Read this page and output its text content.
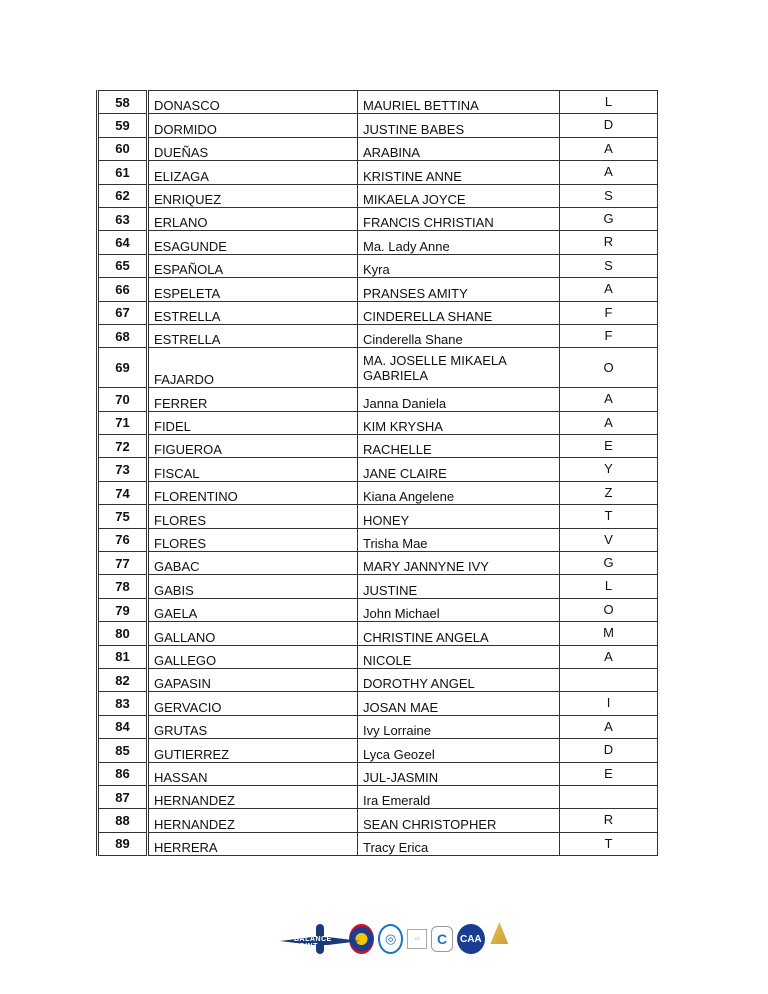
58	DONASCO	MAURIEL BETTINA	L
59	DORMIDO	JUSTINE BABES	D
60	DUEÑAS	ARABINA	A
61	ELIZAGA	KRISTINE ANNE	A
62	ENRIQUEZ	MIKAELA JOYCE	S
63	ERLANO	FRANCIS CHRISTIAN	G
64	ESAGUNDE	Ma. Lady Anne	R
65	ESPAÑOLA	Kyra	S
66	ESPELETA	PRANSES AMITY	A
67	ESTRELLA	CINDERELLA SHANE	F
68	ESTRELLA	Cinderella Shane	F
69	FAJARDO	MA. JOSELLE MIKAELA GABRIELA	O
70	FERRER	Janna Daniela	A
71	FIDEL	KIM KRYSHA	A
72	FIGUEROA	RACHELLE	E
73	FISCAL	JANE CLAIRE	Y
74	FLORENTINO	Kiana Angelene	Z
75	FLORES	HONEY	T
76	FLORES	Trisha Mae	V
77	GABAC	MARY JANNYNE IVY	G
78	GABIS	JUSTINE	L
79	GAELA	John Michael	O
80	GALLANO	CHRISTINE ANGELA	M
81	GALLEGO	NICOLE	A
82	GAPASIN	DOROTHY ANGEL	
83	GERVACIO	JOSAN MAE	I
84	GRUTAS	Ivy Lorraine	A
85	GUTIERREZ	Lyca Geozel	D
86	HASSAN	JUL-JASMIN	E
87	HERNANDEZ	Ira Emerald	
88	HERNANDEZ	SEAN CHRISTOPHER	R
89	HERRERA	Tracy Erica	T
BALANCE POINT
◎	▭	C	CAA
